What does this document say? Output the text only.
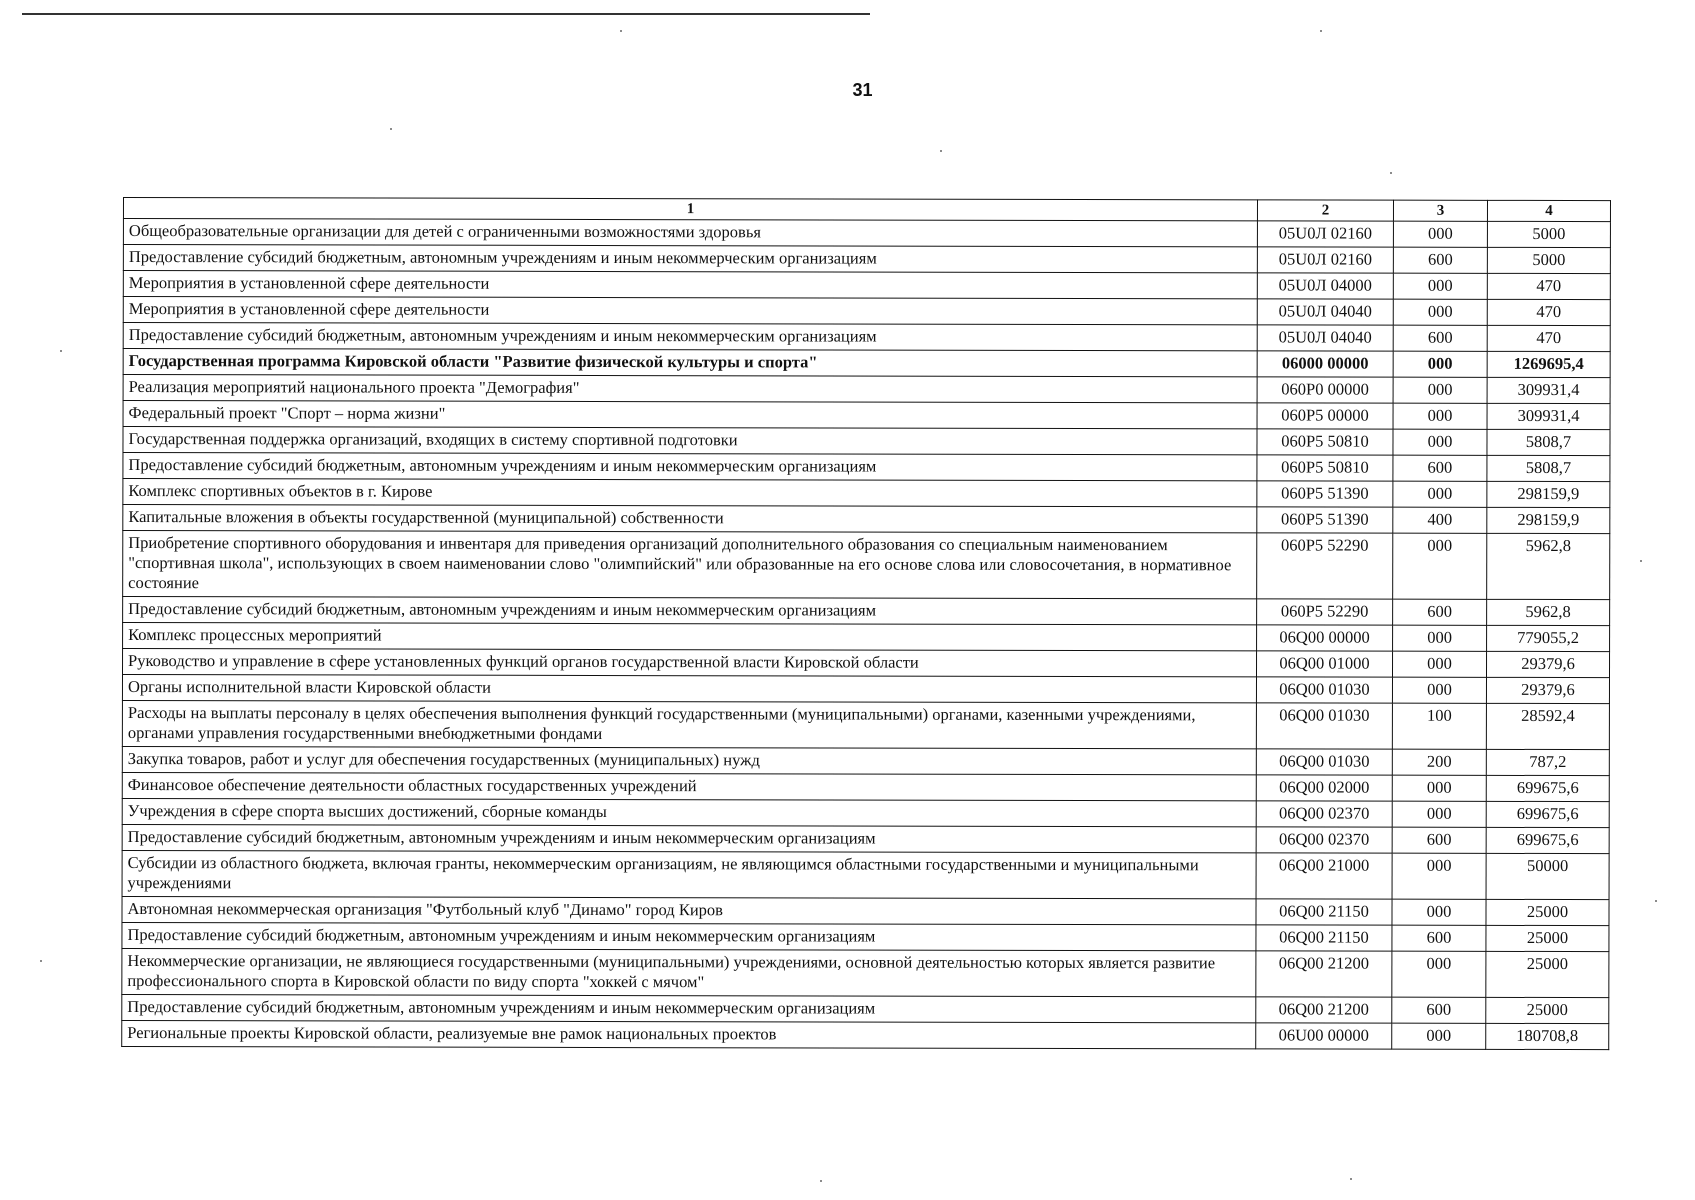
31
1	2	3	4
Общеобразовательные организации для детей с ограниченными возможностями здоровья	05U0Л 02160	000	5000
Предоставление субсидий бюджетным, автономным учреждениям и иным некоммерческим организациям	05U0Л 02160	600	5000
Мероприятия в установленной сфере деятельности	05U0Л 04000	000	470
Мероприятия в установленной сфере деятельности	05U0Л 04040	000	470
Предоставление субсидий бюджетным, автономным учреждениям и иным некоммерческим организациям	05U0Л 04040	600	470
Государственная программа Кировской области "Развитие физической культуры и спорта"	06000 00000	000	1269695,4
Реализация мероприятий национального проекта "Демография"	060P0 00000	000	309931,4
Федеральный проект "Спорт – норма жизни"	060P5 00000	000	309931,4
Государственная поддержка организаций, входящих в систему спортивной подготовки	060P5 50810	000	5808,7
Предоставление субсидий бюджетным, автономным учреждениям и иным некоммерческим организациям	060P5 50810	600	5808,7
Комплекс спортивных объектов в г. Кирове	060P5 51390	000	298159,9
Капитальные вложения в объекты государственной (муниципальной) собственности	060P5 51390	400	298159,9
Приобретение спортивного оборудования и инвентаря для приведения организаций дополнительного образования со специальным наименованием "спортивная школа", использующих в своем наименовании слово "олимпийский" или образованные на его основе слова или словосочетания, в нормативное состояние	060P5 52290	000	5962,8
Предоставление субсидий бюджетным, автономным учреждениям и иным некоммерческим организациям	060P5 52290	600	5962,8
Комплекс процессных мероприятий	06Q00 00000	000	779055,2
Руководство и управление в сфере установленных функций органов государственной власти Кировской области	06Q00 01000	000	29379,6
Органы исполнительной власти Кировской области	06Q00 01030	000	29379,6
Расходы на выплаты персоналу в целях обеспечения выполнения функций государственными (муниципальными) органами, казенными учреждениями, органами управления государственными внебюджетными фондами	06Q00 01030	100	28592,4
Закупка товаров, работ и услуг для обеспечения государственных (муниципальных) нужд	06Q00 01030	200	787,2
Финансовое обеспечение деятельности областных государственных учреждений	06Q00 02000	000	699675,6
Учреждения в сфере спорта высших достижений, сборные команды	06Q00 02370	000	699675,6
Предоставление субсидий бюджетным, автономным учреждениям и иным некоммерческим организациям	06Q00 02370	600	699675,6
Субсидии из областного бюджета, включая гранты, некоммерческим организациям, не являющимся областными государственными и муниципальными учреждениями	06Q00 21000	000	50000
Автономная некоммерческая организация "Футбольный клуб "Динамо" город Киров	06Q00 21150	000	25000
Предоставление субсидий бюджетным, автономным учреждениям и иным некоммерческим организациям	06Q00 21150	600	25000
Некоммерческие организации, не являющиеся государственными (муниципальными) учреждениями, основной деятельностью которых является развитие профессионального спорта в Кировской области по виду спорта "хоккей с мячом"	06Q00 21200	000	25000
Предоставление субсидий бюджетным, автономным учреждениям и иным некоммерческим организациям	06Q00 21200	600	25000
Региональные проекты Кировской области, реализуемые вне рамок национальных проектов	06U00 00000	000	180708,8
